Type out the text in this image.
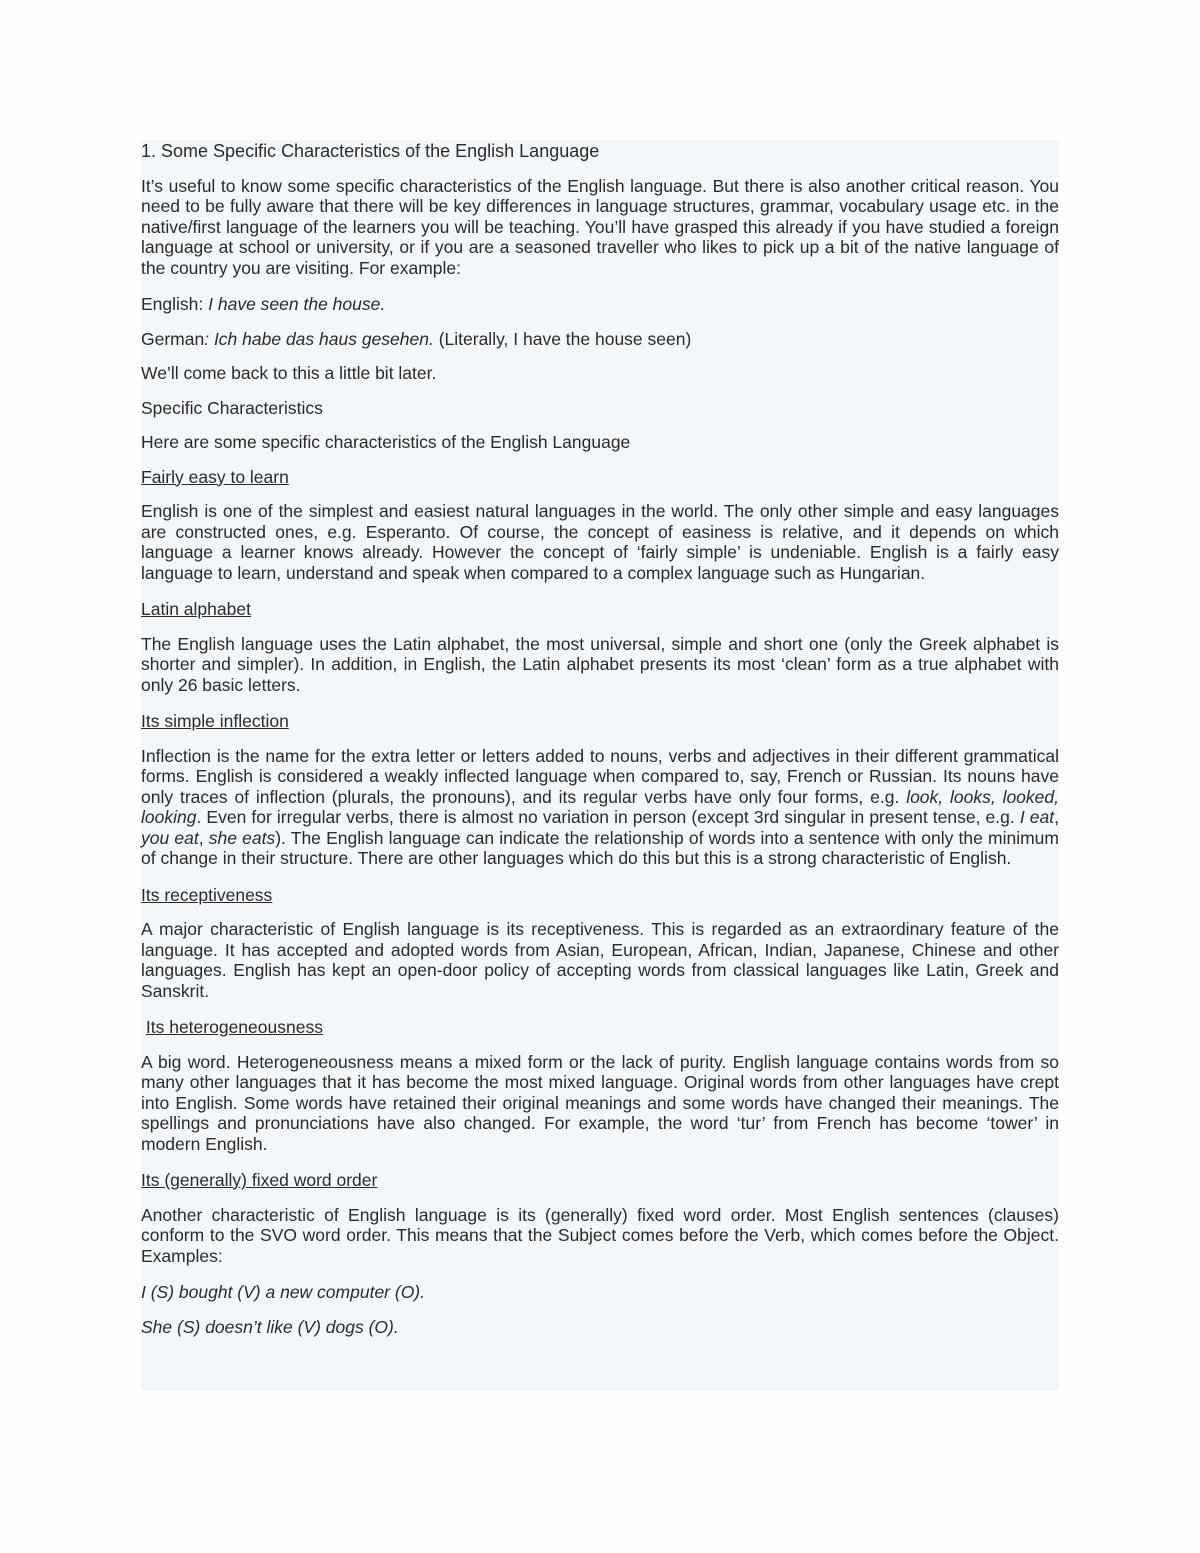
1. Some Specific Characteristics of the English Language

It’s useful to know some specific characteristics of the English language. But there is also another critical reason. You need to be fully aware that there will be key differences in language structures, grammar, vocabulary usage etc. in the native/first language of the learners you will be teaching. You’ll have grasped this already if you have studied a foreign language at school or university, or if you are a seasoned traveller who likes to pick up a bit of the native language of the country you are visiting. For example:

English: I have seen the house.

German: Ich habe das haus gesehen. (Literally, I have the house seen)

We’ll come back to this a little bit later.

Specific Characteristics

Here are some specific characteristics of the English Language

Fairly easy to learn

English is one of the simplest and easiest natural languages in the world. The only other simple and easy languages are constructed ones, e.g. Esperanto. Of course, the concept of easiness is relative, and it depends on which language a learner knows already. However the concept of ‘fairly simple’ is undeniable. English is a fairly easy language to learn, understand and speak when compared to a complex language such as Hungarian.

Latin alphabet

The English language uses the Latin alphabet, the most universal, simple and short one (only the Greek alphabet is shorter and simpler). In addition, in English, the Latin alphabet presents its most ‘clean’ form as a true alphabet with only 26 basic letters.

Its simple inflection

Inflection is the name for the extra letter or letters added to nouns, verbs and adjectives in their different grammatical forms. English is considered a weakly inflected language when compared to, say, French or Russian. Its nouns have only traces of inflection (plurals, the pronouns), and its regular verbs have only four forms, e.g. look, looks, looked, looking. Even for irregular verbs, there is almost no variation in person (except 3rd singular in present tense, e.g. I eat, you eat, she eats). The English language can indicate the relationship of words into a sentence with only the minimum of change in their structure. There are other languages which do this but this is a strong characteristic of English.

Its receptiveness

A major characteristic of English language is its receptiveness. This is regarded as an extraordinary feature of the language. It has accepted and adopted words from Asian, European, African, Indian, Japanese, Chinese and other languages. English has kept an open-door policy of accepting words from classical languages like Latin, Greek and Sanskrit.

Its heterogeneousness

A big word. Heterogeneousness means a mixed form or the lack of purity. English language contains words from so many other languages that it has become the most mixed language. Original words from other languages have crept into English. Some words have retained their original meanings and some words have changed their meanings. The spellings and pronunciations have also changed. For example, the word ‘tur’ from French has become ‘tower’ in modern English.

Its (generally) fixed word order

Another characteristic of English language is its (generally) fixed word order. Most English sentences (clauses) conform to the SVO word order. This means that the Subject comes before the Verb, which comes before the Object. Examples:

I (S) bought (V) a new computer (O).

She (S) doesn’t like (V) dogs (O).
